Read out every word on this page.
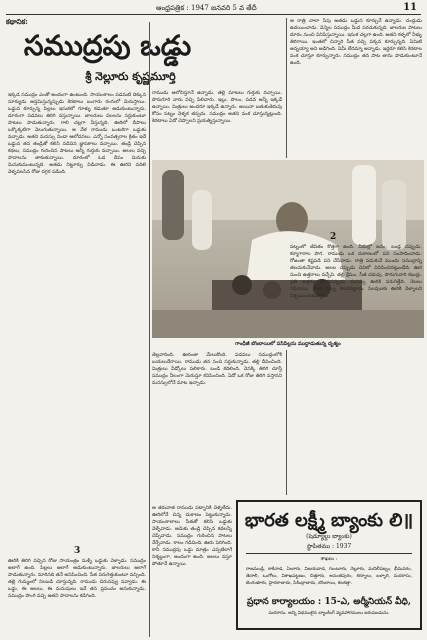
ఆంధ్రపత్రిక : 1947 జనవరి 5 వ తేదీ	11
కథానిక:
సముద్రపు ఒడ్డు
శ్రీ నెల్లూరు కృష్ణమూర్తి

ఇక్కడ సముద్రం ఎంతో అందంగా ఉంటుంది. సాయంకాలం పడమటి దిక్కున సూర్యుడు అస్తమిస్తున్నప్పుడు కెరటాలు బంగారు రంగులో మెరుస్తాయి. ఒడ్డున కూర్చున్న పిల్లలు ఇసుకలో గూళ్ళు కడుతూ ఆడుకుంటున్నారు. దూరంగా పడవలు తిరిగి వస్తున్నాయి. జాలరులు వలలను సర్దుకుంటూ పాటలు పాడుతున్నారు. గాలి చల్లగా వీస్తున్నది. ఊరిలో దీపాలు ఒక్కొక్కటిగా వెలుగుతున్నాయి. ఆ వేళ రాముడు ఒంటరిగా ఒడ్డుకు వచ్చాడు. అతని మనస్సు నిండా ఆలోచనలు. ఎన్నో సంవత్సరాల క్రితం ఇదే ఒడ్డున తన తండ్రితో కలిసి నడిచిన జ్ఞాపకాలు వచ్చాయి. తండ్రి చెప్పిన కథలు, సముద్రం గురించిన పాటలు అన్నీ గుర్తుకు వచ్చాయి. అలలు వచ్చి పాదాలను తాకుతున్నాయి. దూరంలో ఓడ దీపం మినుకు మినుకుమంటున్నది. అతడు నిట్టూర్పు విడిచాడు. ఈ ఊరిని వదిలి వెళ్ళవలసిన రోజు దగ్గర పడింది.

రాముడు ఆలోచిస్తూనే ఉన్నాడు. తల్లి మాటలు గుర్తుకు వచ్చాయి. పొరుగూరి వారు వచ్చి పిలిచారు. ఇల్లు, పొలం, పడవ అన్నీ ఇక్కడే ఉన్నాయి. మిత్రులు అందరూ ఇక్కడే ఉన్నారు. అయినా బతుకుతెరువు కోసం పట్నం వెళ్ళక తప్పదు. సముద్రం అతని వంక చూస్తున్నట్లుంది. కెరటాలు ఏదో చెప్పాలని ప్రయత్నిస్తున్నాయి.

ఆ రాత్రి చాలా సేపు అతడు ఒడ్డున కూర్చునే ఉన్నాడు. చంద్రుడు ఉదయించాడు. వెన్నెల సముద్రం మీద పరచుకున్నది. జాలరుల పాటలు దూరం నుంచి వినిపిస్తున్నాయి. ఇసుక చల్లగా ఉంది. అతని కళ్ళలో నీళ్ళు తిరిగాయి. ఇంతలో చిన్నారి సీత వచ్చి పక్కన కూర్చున్నది. ఏమిటి అన్నయ్యా అని అడిగింది. ఏమీ లేదమ్మా అన్నాడు. ఇద్దరూ కలిసి కెరటాల వంక చూస్తూ కూర్చున్నారు. సముద్రం తన పాట తాను పాడుకుంటూనే ఉంది.

గాంధీజీ బొంబాయిలో పసిపిల్లను ముద్దాడుతున్న దృశ్యం

తెల్లవారింది. ఊరంతా మేలుకొంది. పడవలు సముద్రంలోకి బయలుదేరాయి. రాముడు తన సంచి సర్దుకున్నాడు. తల్లి దీవించింది. మిత్రులు వీడ్కోలు పలికారు. బండి కదిలింది. వెనక్కి తిరిగి చూస్తే సముద్రం నీలంగా మెరుస్తూ కనిపించింది. ఏదో ఒక రోజు తిరిగి వస్తానని మనస్సులోనే మాట ఇచ్చాడు.

2

పట్నంలో జీవితం కొత్తగా ఉంది. వీధుల్లో జనం, బండ్ల చప్పుడు, కర్మాగారాల పొగ. రాముడు ఒక దుకాణంలో పని సంపాదించాడు. రోజంతా కష్టపడి పని చేసేవాడు. రాత్రి పడుకునే ముందు సముద్రాన్ని తలచుకునేవాడు. అలల చప్పుడు చెవిలో వినిపించినట్లుండేది. ఊరి నుంచి ఉత్తరాలు వచ్చేవి. తల్లి క్షేమం, సీత చదువు, పొరుగువారి కబుర్లు. ప్రతి ఉత్తరం చదివినప్పుడు మనస్సు ఊరికి పరుగెత్తేది. నెలలు గడిచాయి. కొంత డబ్బు కూడబెట్టాడు. సెలవులకు ఊరికి వెళ్ళాలని నిశ్చయించుకున్నాడు.

3

ఊరికి తిరిగి వచ్చిన రోజు సాయంత్రం మళ్ళీ ఒడ్డుకు వెళ్ళాడు. సముద్రం అలాగే ఉంది. పిల్లలు అలాగే ఆడుకుంటున్నారు. జాలరులు అలాగే పాడుతున్నారు. మారినది తనే అనిపించింది. సీత పరుగెత్తుకుంటూ వచ్చింది. తల్లి గుమ్మంలో నిలబడి చూస్తున్నది. రాముడు చిరునవ్వు నవ్వాడు. ఈ ఒడ్డు, ఈ అలలు, ఈ మనుషులు ఇవే తన ప్రపంచం అనుకున్నాడు. సముద్రం పొంగి వచ్చి అతని పాదాలను కడిగింది.

ఆ తరువాత రాముడు పట్నానికి వెళ్ళలేదు. ఊరిలోనే చిన్న దుకాణం పెట్టుకున్నాడు. సాయంకాలాలు సీతతో కలిసి ఒడ్డుకు వెళ్ళేవాడు. ఆమెకు తండ్రి చెప్పిన కథలన్నీ చెప్పేవాడు. సముద్రం గురించిన పాటలు నేర్పేవాడు. కాలం గడిచింది. ఊరు పెరిగింది. కానీ సముద్రపు ఒడ్డు మాత్రం ఎప్పటిలాగే నిశ్శబ్దంగా, అందంగా ఉంది. అలలు వస్తూ పోతూనే ఉన్నాయి.

భారత లక్ష్మీ బ్యాంకు లి॥
(షెడ్యూల్డు బ్యాంకు)
స్థాపితము : 1937
శాఖలు :
రాజమండ్రి, కాకినాడ, ఏలూరు, విజయవాడ, గుంటూరు, నెల్లూరు, మచిలీపట్నం, భీమవరం, తెనాలి, ఒంగోలు, విశాఖపట్టణం, చిత్తూరు, అనంతపురం, కర్నూలు, బళ్ళారి, మదరాసు, బెంగుళూరు, హైదరాబాదు, సికింద్రాబాదు, బొంబాయి, కలకత్తా.
ప్రధాన కార్యాలయం : 15-ఎ, అర్మీనియన్ వీధి,
మదరాసు. అన్ని విధములైన బ్యాంకింగ్ వ్యవహారములు జరుపబడును.
